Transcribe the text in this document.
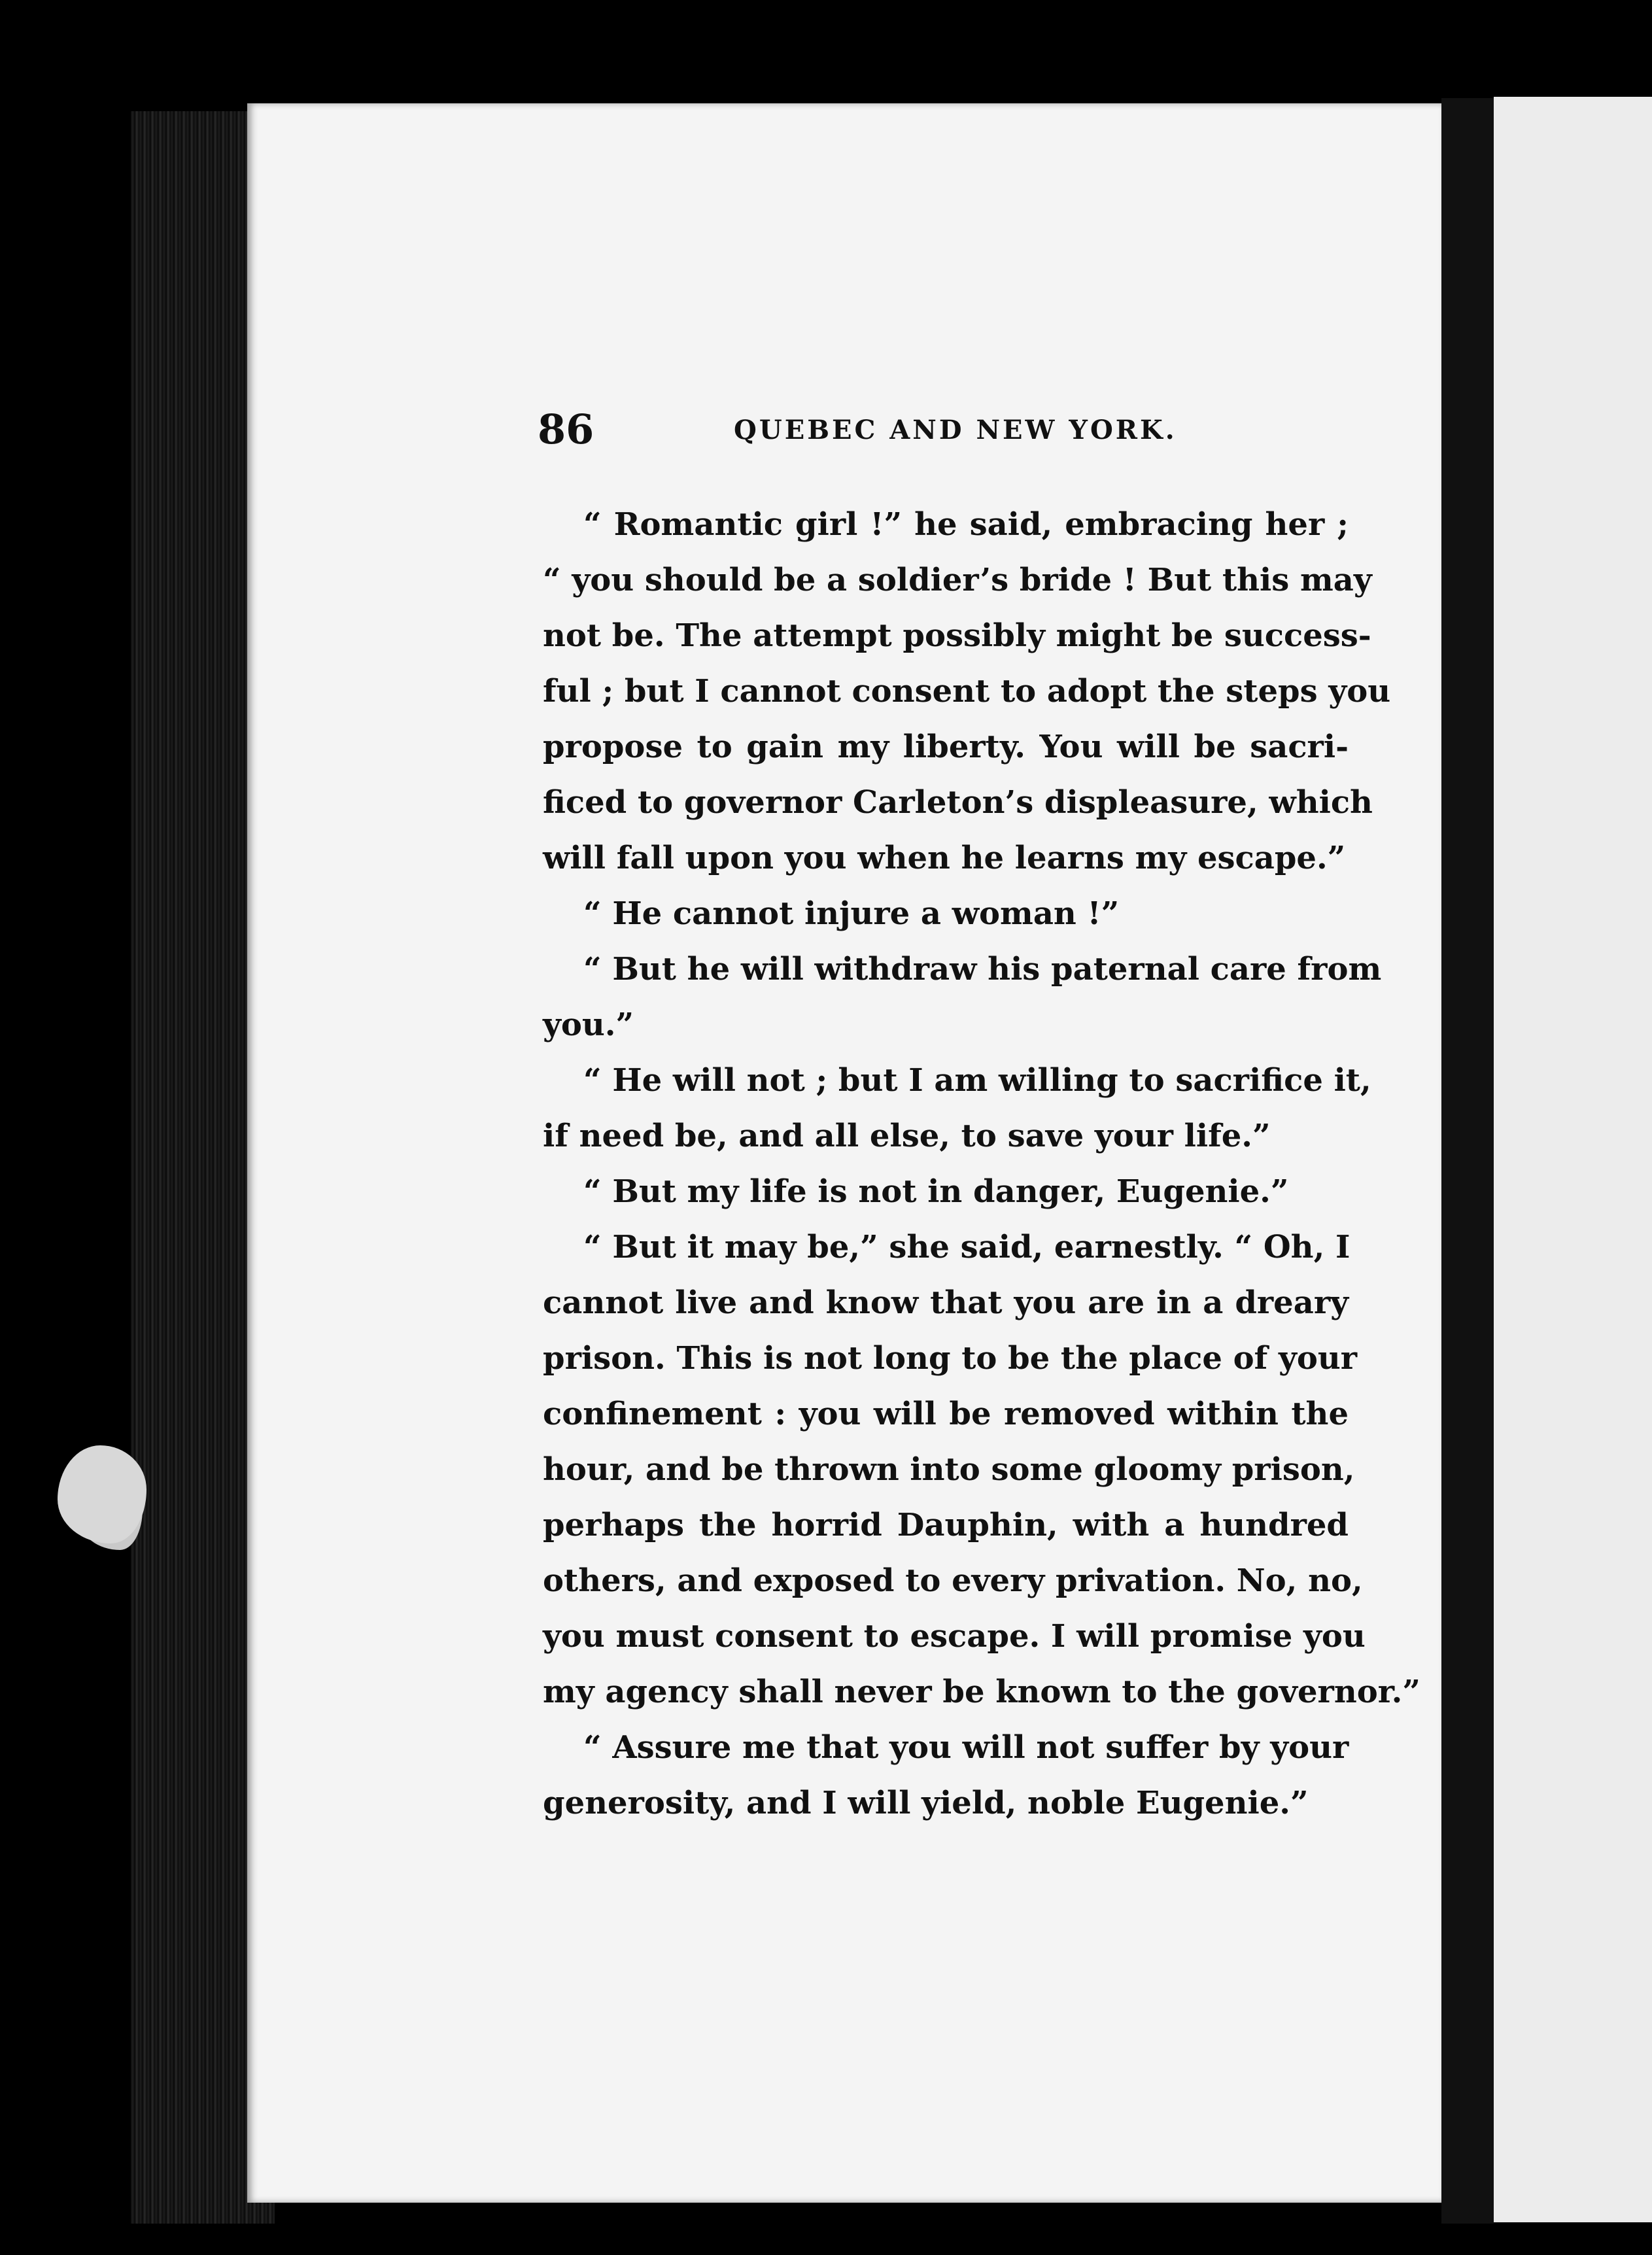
86	QUEBEC AND NEW YORK.
“ Romantic girl !” he said, embracing her ;
“ you should be a soldier’s bride ! But this may
not be. The attempt possibly might be success-
ful ; but I cannot consent to adopt the steps you
propose to gain my liberty. You will be sacri-
ficed to governor Carleton’s displeasure, which
will fall upon you when he learns my escape.”
“ He cannot injure a woman !”
“ But he will withdraw his paternal care from
you.”
“ He will not ; but I am willing to sacrifice it,
if need be, and all else, to save your life.”
“ But my life is not in danger, Eugenie.”
“ But it may be,” she said, earnestly. “ Oh, I
cannot live and know that you are in a dreary
prison. This is not long to be the place of your
confinement : you will be removed within the
hour, and be thrown into some gloomy prison,
perhaps the horrid Dauphin, with a hundred
others, and exposed to every privation. No, no,
you must consent to escape. I will promise you
my agency shall never be known to the governor.”
“ Assure me that you will not suffer by your
generosity, and I will yield, noble Eugenie.”
